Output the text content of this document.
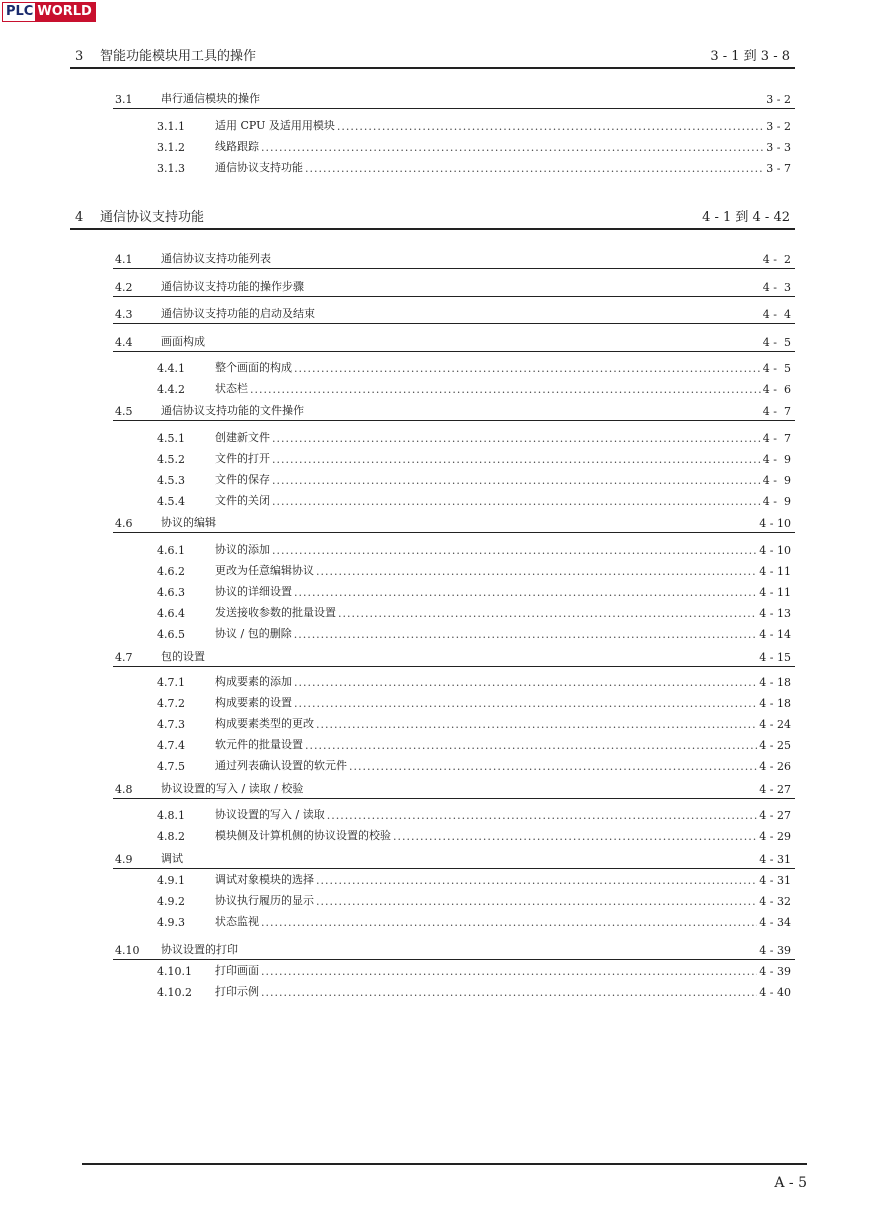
PLC WORLD
3 智能功能模块用工具的操作	3 - 1 到 3 - 8
3.1	串行通信模块的操作	3 - 2
3.1.1	适用 CPU 及适用用模块 .....	3 - 2
3.1.2	线路跟踪 .....	3 - 3
3.1.3	通信协议支持功能 .....	3 - 7
4 通信协议支持功能	4 - 1 到 4 - 42
4.1	通信协议支持功能列表	4 -  2
4.2	通信协议支持功能的操作步骤	4 -  3
4.3	通信协议支持功能的启动及结束	4 -  4
4.4	画面构成	4 -  5
4.4.1	整个画面的构成 .....	4 -  5
4.4.2	状态栏 .....	4 -  6
4.5	通信协议支持功能的文件操作	4 -  7
4.5.1	创建新文件 .....	4 -  7
4.5.2	文件的打开 .....	4 -  9
4.5.3	文件的保存 .....	4 -  9
4.5.4	文件的关闭 .....	4 -  9
4.6	协议的编辑	4 - 10
4.6.1	协议的添加 .....	4 - 10
4.6.2	更改为任意编辑协议 .....	4 - 11
4.6.3	协议的详细设置 .....	4 - 11
4.6.4	发送接收参数的批量设置 .....	4 - 13
4.6.5	协议 / 包的删除 .....	4 - 14
4.7	包的设置	4 - 15
4.7.1	构成要素的添加 .....	4 - 18
4.7.2	构成要素的设置 .....	4 - 18
4.7.3	构成要素类型的更改 .....	4 - 24
4.7.4	软元件的批量设置 .....	4 - 25
4.7.5	通过列表确认设置的软元件 .....	4 - 26
4.8	协议设置的写入 / 读取 / 校验	4 - 27
4.8.1	协议设置的写入 / 读取 .....	4 - 27
4.8.2	模块侧及计算机侧的协议设置的校验 .....	4 - 29
4.9	调试	4 - 31
4.9.1	调试对象模块的选择 .....	4 - 31
4.9.2	协议执行履历的显示 .....	4 - 32
4.9.3	状态监视 .....	4 - 34
4.10 协议设置的打印	4 - 39
4.10.1	打印画面 .....	4 - 39
4.10.2	打印示例 .....	4 - 40
A - 5
